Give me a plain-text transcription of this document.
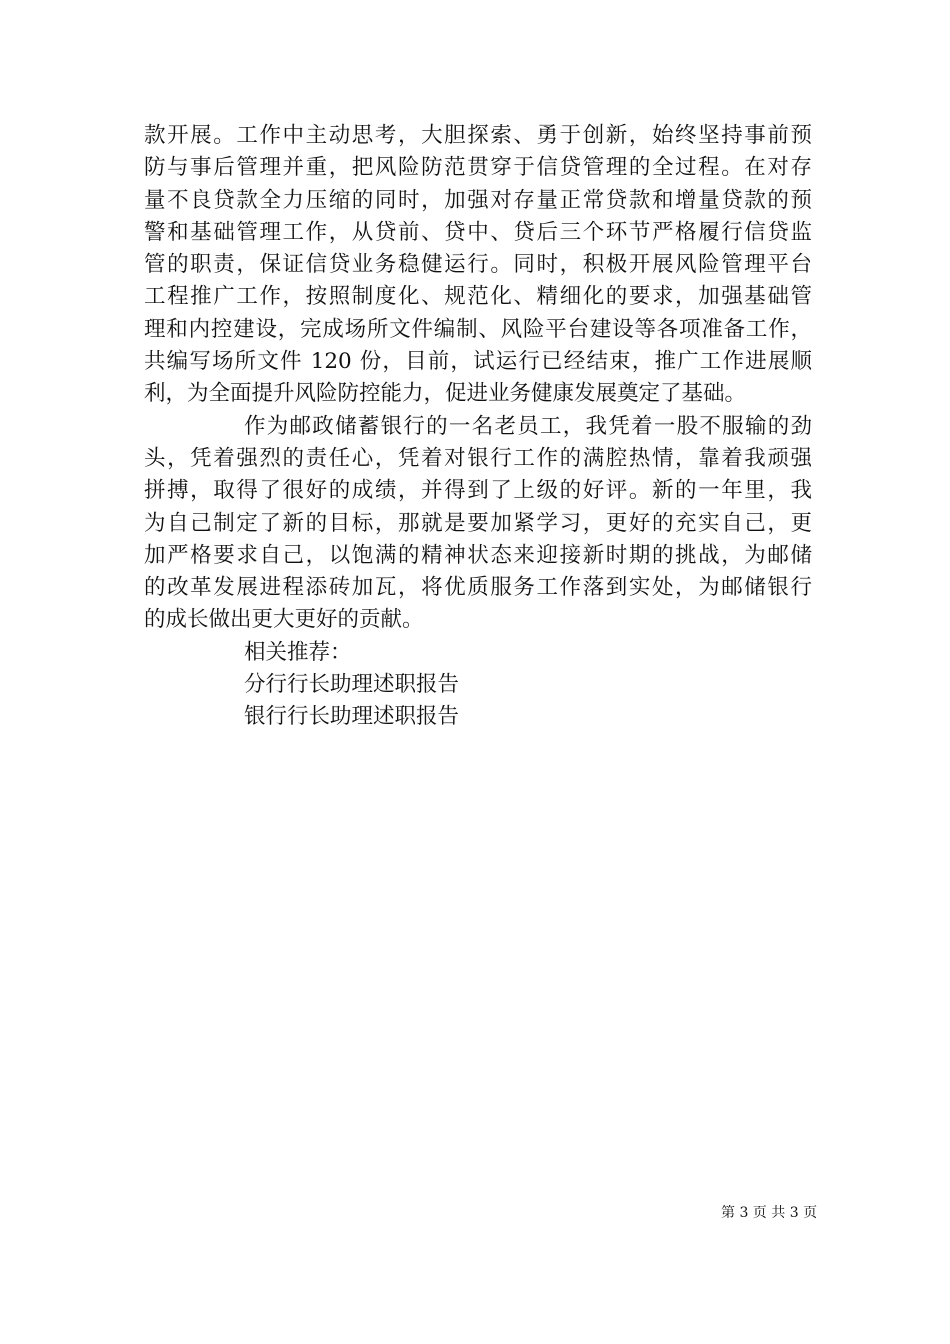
款开展。工作中主动思考，大胆探索、勇于创新，始终坚持事前预
防与事后管理并重，把风险防范贯穿于信贷管理的全过程。在对存
量不良贷款全力压缩的同时，加强对存量正常贷款和增量贷款的预
警和基础管理工作，从贷前、贷中、贷后三个环节严格履行信贷监
管的职责，保证信贷业务稳健运行。同时，积极开展风险管理平台
工程推广工作，按照制度化、规范化、精细化的要求，加强基础管
理和内控建设，完成场所文件编制、风险平台建设等各项准备工作，
共编写场所文件 120 份，目前，试运行已经结束，推广工作进展顺
利，为全面提升风险防控能力，促进业务健康发展奠定了基础。
作为邮政储蓄银行的一名老员工，我凭着一股不服输的劲
头，凭着强烈的责任心，凭着对银行工作的满腔热情，靠着我顽强
拼搏，取得了很好的成绩，并得到了上级的好评。新的一年里，我
为自己制定了新的目标，那就是要加紧学习，更好的充实自己，更
加严格要求自己，以饱满的精神状态来迎接新时期的挑战，为邮储
的改革发展进程添砖加瓦，将优质服务工作落到实处，为邮储银行
的成长做出更大更好的贡献。
相关推荐：
分行行长助理述职报告
银行行长助理述职报告
第 3 页 共 3 页
